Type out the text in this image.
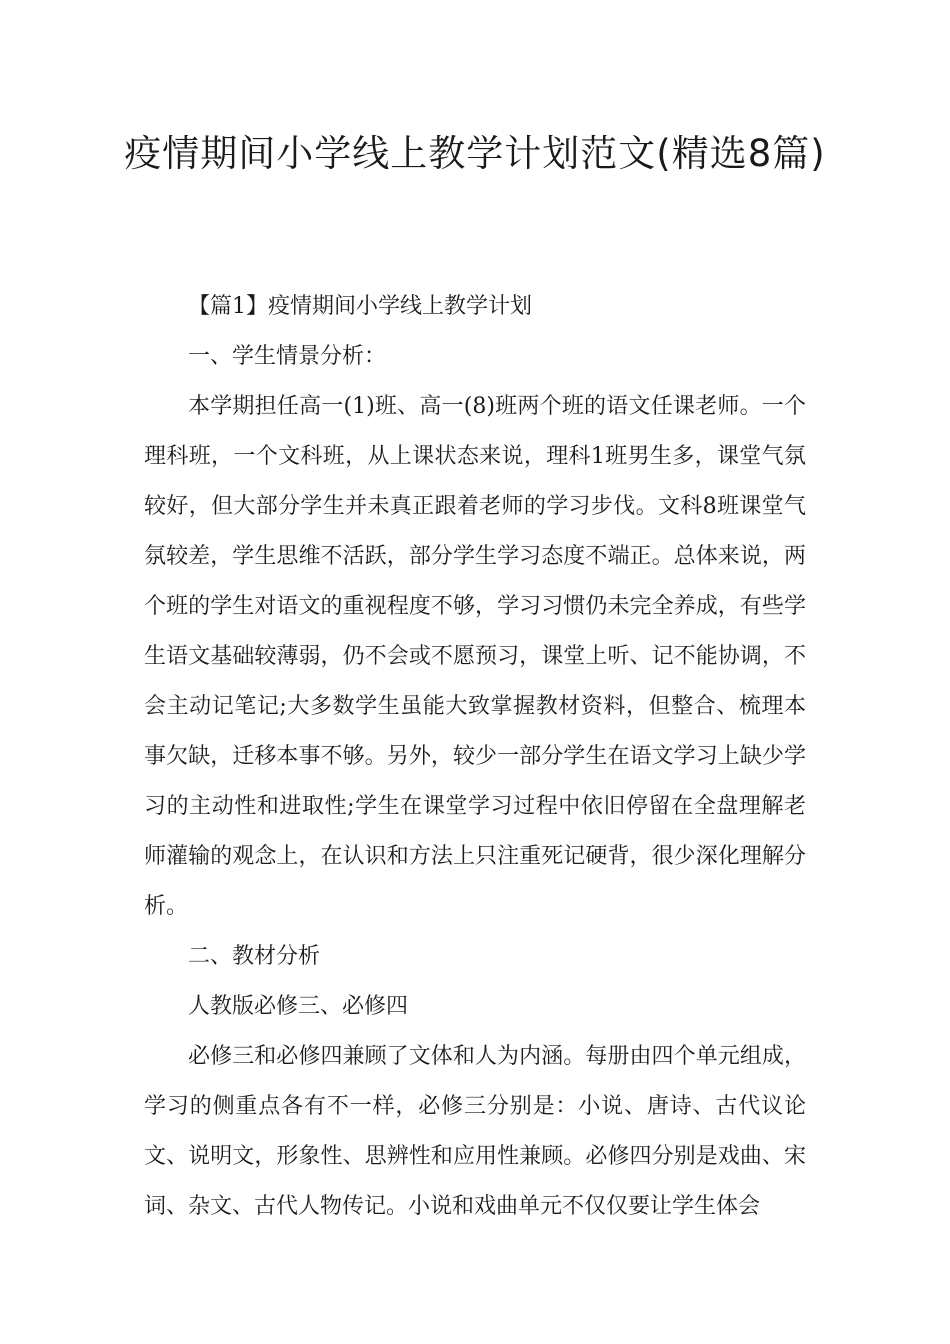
疫情期间小学线上教学计划范文(精选8篇)

【篇1】疫情期间小学线上教学计划

一、学生情景分析：

本学期担任高一(1)班、高一(8)班两个班的语文任课老师。一个理科班，一个文科班，从上课状态来说，理科1班男生多，课堂气氛较好，但大部分学生并未真正跟着老师的学习步伐。文科8班课堂气氛较差，学生思维不活跃，部分学生学习态度不端正。总体来说，两个班的学生对语文的重视程度不够，学习习惯仍未完全养成，有些学生语文基础较薄弱，仍不会或不愿预习，课堂上听、记不能协调，不会主动记笔记;大多数学生虽能大致掌握教材资料，但整合、梳理本事欠缺，迁移本事不够。另外，较少一部分学生在语文学习上缺少学习的主动性和进取性;学生在课堂学习过程中依旧停留在全盘理解老师灌输的观念上，在认识和方法上只注重死记硬背，很少深化理解分析。

二、教材分析

人教版必修三、必修四

必修三和必修四兼顾了文体和人为内涵。每册由四个单元组成，学习的侧重点各有不一样，必修三分别是：小说、唐诗、古代议论文、说明文，形象性、思辨性和应用性兼顾。必修四分别是戏曲、宋词、杂文、古代人物传记。小说和戏曲单元不仅仅要让学生体会
